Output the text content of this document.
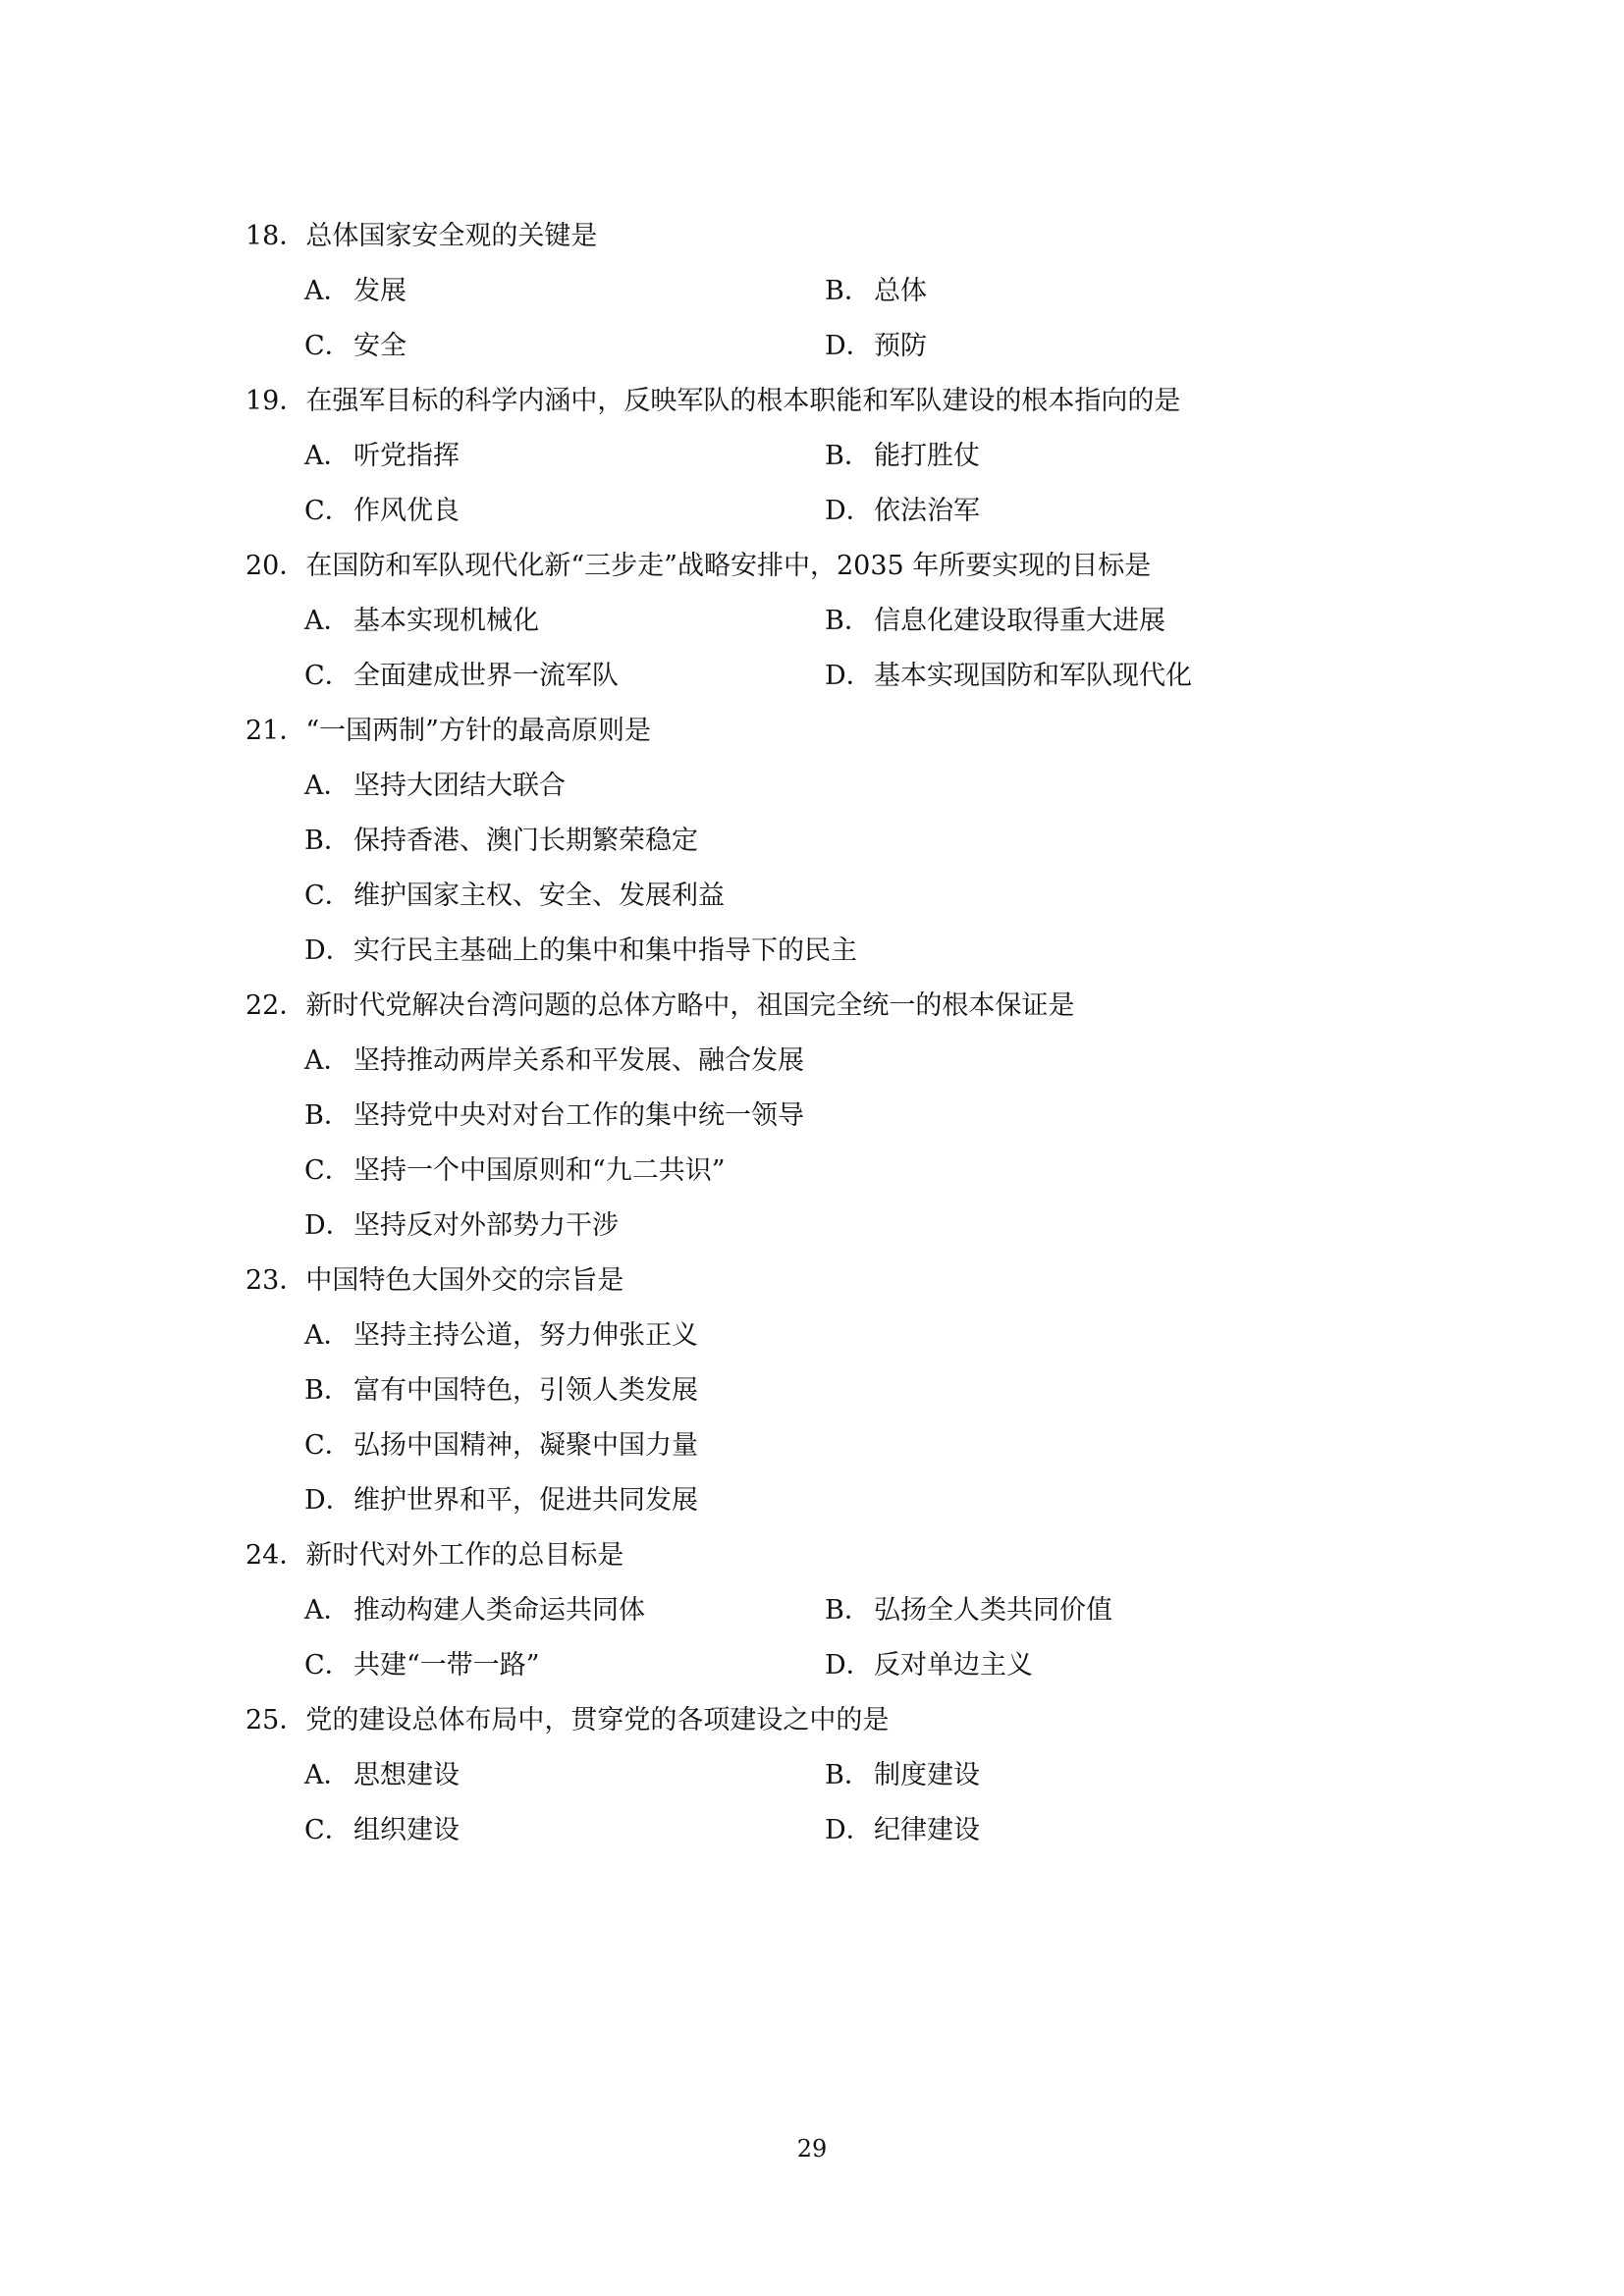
18．总体国家安全观的关键是
A． 发展	B． 总体
C．安全	D．预防
19．在强军目标的科学内涵中，反映军队的根本职能和军队建设的根本指向的是
A． 听党指挥	B． 能打胜仗
C．作风优良	D．依法治军
20．在国防和军队现代化新“三步走”战略安排中，2035 年所要实现的目标是
A． 基本实现机械化	B． 信息化建设取得重大进展
C．全面建成世界一流军队	D．基本实现国防和军队现代化
21．“一国两制”方针的最高原则是
A． 坚持大团结大联合
B． 保持香港、澳门长期繁荣稳定
C．维护国家主权、安全、发展利益
D．实行民主基础上的集中和集中指导下的民主
22．新时代党解决台湾问题的总体方略中，祖国完全统一的根本保证是
A． 坚持推动两岸关系和平发展、融合发展
B． 坚持党中央对对台工作的集中统一领导
C．坚持一个中国原则和“九二共识”
D．坚持反对外部势力干涉
23．中国特色大国外交的宗旨是
A． 坚持主持公道，努力伸张正义
B． 富有中国特色，引领人类发展
C．弘扬中国精神，凝聚中国力量
D．维护世界和平，促进共同发展
24．新时代对外工作的总目标是
A． 推动构建人类命运共同体	B． 弘扬全人类共同价值
C．共建“一带一路”	D．反对单边主义
25．党的建设总体布局中，贯穿党的各项建设之中的是
A． 思想建设	B． 制度建设
C．组织建设	D．纪律建设
29
